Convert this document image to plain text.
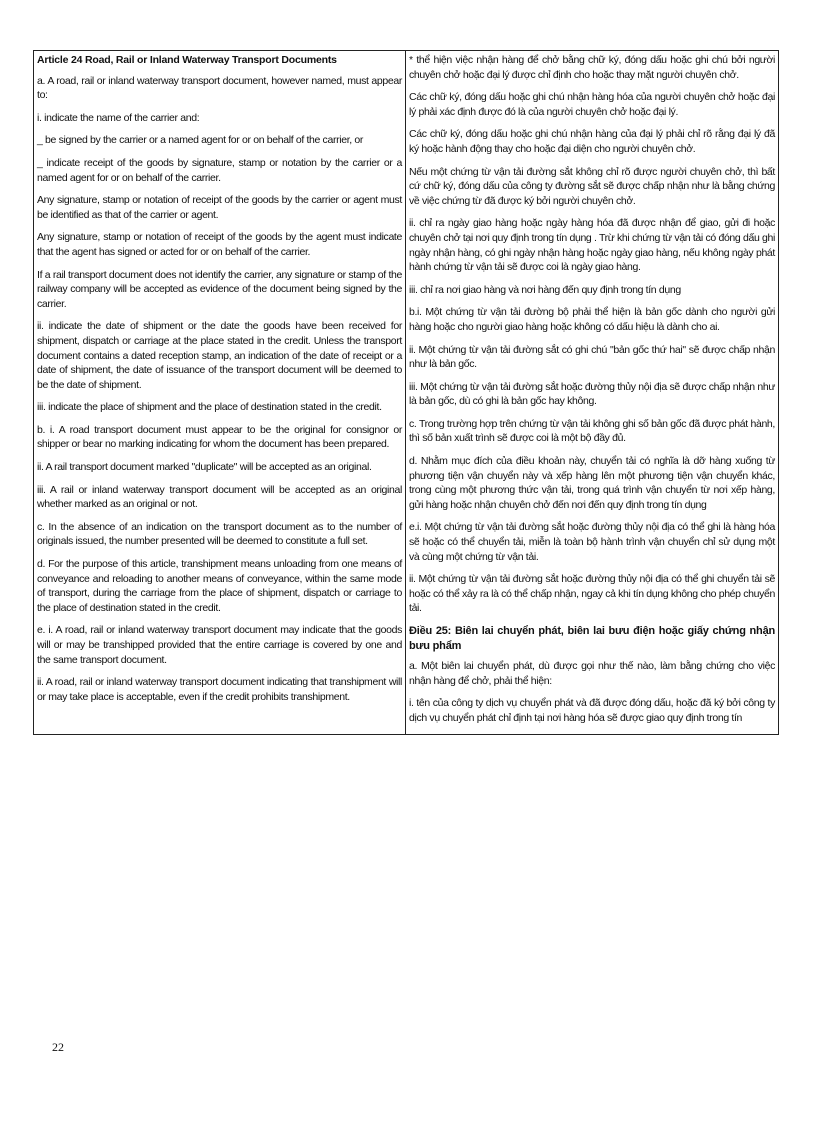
Article 24 Road, Rail or Inland Waterway Transport Documents

a. A road, rail or inland waterway transport document, however named, must appear to:

i. indicate the name of the carrier and:

_ be signed by the carrier or a named agent for or on behalf of the carrier, or

_ indicate receipt of the goods by signature, stamp or notation by the carrier or a named agent for or on behalf of the carrier.

Any signature, stamp or notation of receipt of the goods by the carrier or agent must be identified as that of the carrier or agent.

Any signature, stamp or notation of receipt of the goods by the agent must indicate that the agent has signed or acted for or on behalf of the carrier.

If a rail transport document does not identify the carrier, any signature or stamp of the railway company will be accepted as evidence of the document being signed by the carrier.

ii. indicate the date of shipment or the date the goods have been received for shipment, dispatch or carriage at the place stated in the credit. Unless the transport document contains a dated reception stamp, an indication of the date of receipt or a date of shipment, the date of issuance of the transport document will be deemed to be the date of shipment.

iii. indicate the place of shipment and the place of destination stated in the credit.

b. i. A road transport document must appear to be the original for consignor or shipper or bear no marking indicating for whom the document has been prepared.

ii. A rail transport document marked "duplicate" will be accepted as an original.

iii. A rail or inland waterway transport document will be accepted as an original whether marked as an original or not.

c. In the absence of an indication on the transport document as to the number of originals issued, the number presented will be deemed to constitute a full set.

d. For the purpose of this article, transhipment means unloading from one means of conveyance and reloading to another means of conveyance, within the same mode of transport, during the carriage from the place of shipment, dispatch or carriage to the place of destination stated in the credit.

e. i. A road, rail or inland waterway transport document may indicate that the goods will or may be transhipped provided that the entire carriage is covered by one and the same transport document.

ii. A road, rail or inland waterway transport document indicating that transhipment will or may take place is acceptable, even if the credit prohibits transhipment.

* thể hiện việc nhận hàng để chở bằng chữ ký, đóng dấu hoặc ghi chú bởi người chuyên chở hoặc đại lý được chỉ định cho hoặc thay mặt người chuyên chở.

Các chữ ký, đóng dấu hoặc ghi chú nhận hàng hóa của người chuyên chở hoặc đại lý phải xác định được đó là của người chuyên chở hoặc đại lý.

Các chữ ký, đóng dấu hoặc ghi chú nhận hàng của đại lý phải chỉ rõ rằng đại lý đã ký hoặc hành động thay cho hoặc đại diện cho người chuyên chở.

Nếu một chứng từ vận tải đường sắt không chỉ rõ được người chuyên chở, thì bất cứ chữ ký, đóng dấu của công ty đường sắt sẽ được chấp nhận như là bằng chứng về việc chứng từ đã được ký bởi người chuyên chở.

ii. chỉ ra ngày giao hàng hoặc ngày hàng hóa đã được nhận để giao, gửi đi hoặc chuyên chở tại nơi quy định trong tín dụng . Trừ khi chứng từ vận tải có đóng dấu ghi ngày nhận hàng, có ghi ngày nhận hàng hoặc ngày giao hàng, nếu không ngày phát hành chứng từ vận tải sẽ được coi là ngày giao hàng.

iii. chỉ ra nơi giao hàng và nơi hàng đến quy định trong tín dụng

b.i. Một chứng từ vận tải đường bộ phải thể hiện là bản gốc dành cho người gửi hàng hoặc cho người giao hàng hoặc không có dấu hiệu là dành cho ai.

ii. Một chứng từ vận tải đường sắt có ghi chú "bản gốc thứ hai" sẽ được chấp nhận như là bản gốc.

iii. Một chứng từ vận tải đường sắt hoặc đường thủy nội địa sẽ được chấp nhận như là bản gốc, dù có ghi là bản gốc hay không.

c. Trong trường hợp trên chứng từ vận tải không ghi số bản gốc đã được phát hành, thì số bản xuất trình sẽ được coi là một bộ đầy đủ.

d. Nhằm mục đích của điều khoản này, chuyển tải có nghĩa là dỡ hàng xuống từ phương tiện vận chuyển này và xếp hàng lên một phương tiện vận chuyển khác, trong cùng một phương thức vận tải, trong quá trình vận chuyển từ nơi xếp hàng, gửi hàng hoặc nhận chuyên chở đến nơi đến quy định trong tín dụng

e.i. Một chứng từ vận tải đường sắt hoặc đường thủy nội địa có thể ghi là hàng hóa sẽ hoặc có thể chuyển tải, miễn là toàn bộ hành trình vận chuyển chỉ sử dụng một và cùng một chứng từ vận tải.

ii. Một chứng từ vận tải đường sắt hoặc đường thủy nội địa có thể ghi chuyển tải sẽ hoặc có thể xảy ra là có thể chấp nhận, ngay cả khi tín dụng không cho phép chuyển tải.

Điều 25: Biên lai chuyển phát, biên lai bưu điện hoặc giấy chứng nhận bưu phẩm

a. Một biên lai chuyển phát, dù được gọi như thế nào, làm bằng chứng cho việc nhận hàng để chở, phải thể hiện:

i. tên của công ty dịch vụ chuyển phát và đã được đóng dấu, hoặc đã ký bởi công ty dịch vụ chuyển phát chỉ định tại nơi hàng hóa sẽ được giao quy định trong tín

22
